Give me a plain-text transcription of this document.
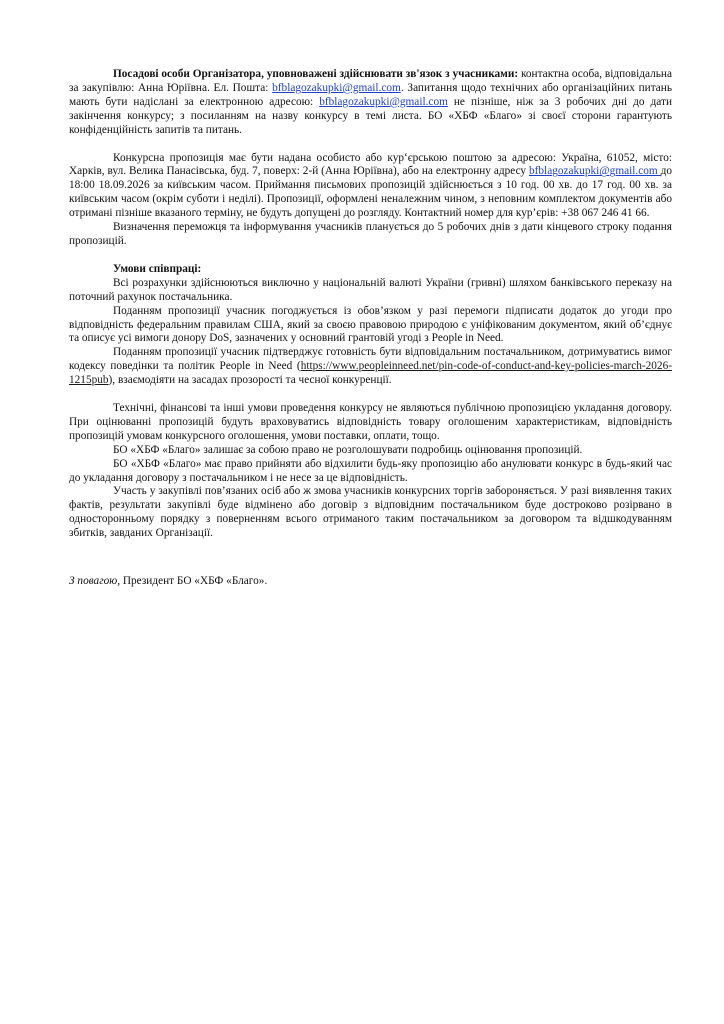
Посадові особи Організатора, уповноважені здійснювати зв'язок з учасниками: контактна особа, відповідальна за закупівлю: Анна Юріївна. Ел. Пошта: bfblagozakupki@gmail.com. Запитання щодо технічних або організаційних питань мають бути надіслані за електронною адресою: bfblagozakupki@gmail.com не пізніше, ніж за 3 робочих дні до дати закінчення конкурсу; з посиланням на назву конкурсу в темі листа. БО «ХБФ «Благо» зі своєї сторони гарантують конфіденційність запитів та питань.

Конкурсна пропозиція має бути надана особисто або кур‘єрською поштою за адресою: Україна, 61052, місто: Харків, вул. Велика Панасівська, буд. 7, поверх: 2-й (Анна Юріївна), або на електронну адресу bfblagozakupki@gmail.com до 18:00 18.09.2026 за київським часом. Приймання письмових пропозицій здійснюється з 10 год. 00 хв. до 17 год. 00 хв. за київським часом (окрім суботи і неділі). Пропозиції, оформлені неналежним чином, з неповним комплектом документів або отримані пізніше вказаного терміну, не будуть допущені до розгляду. Контактний номер для кур’єрів: +38 067 246 41 66.

Визначення переможця та інформування учасників планується до 5 робочих днів з дати кінцевого строку подання пропозицій.

Умови співпраці:

Всі розрахунки здійснюються виключно у національній валюті України (гривні) шляхом банківського переказу на поточний рахунок постачальника.

Поданням пропозиції учасник погоджується із обов’язком у разі перемоги підписати додаток до угоди про відповідність федеральним правилам США, який за своєю правовою природою є уніфікованим документом, який об’єднує та описує усі вимоги донору DoS, зазначених у основний грантовій угоді з People in Need.

Поданням пропозиції учасник підтверджує готовність бути відповідальним постачальником, дотримуватись вимог кодексу поведінки та політик People in Need (https://www.peopleinneed.net/pin-code-of-conduct-and-key-policies-march-2026-1215pub), взаємодіяти на засадах прозорості та чесної конкуренції.

Технічні, фінансові та інші умови проведення конкурсу не являються публічною пропозицією укладання договору. При оцінюванні пропозицій будуть враховуватись відповідність товару оголошеним характеристикам, відповідність пропозицій умовам конкурсного оголошення, умови поставки, оплати, тощо.

БО «ХБФ «Благо» залишає за собою право не розголошувати подробиць оцінювання пропозицій.

БО «ХБФ «Благо» має право прийняти або відхилити будь-яку пропозицію або анулювати конкурс в будь-який час до укладання договору з постачальником і не несе за це відповідність.

Участь у закупівлі пов’язаних осіб або ж змова учасників конкурсних торгів забороняється. У разі виявлення таких фактів, результати закупівлі буде відмінено або договір з відповідним постачальником буде достроково розірвано в односторонньому порядку з поверненням всього отриманого таким постачальником за договором та відшкодуванням збитків, завданих Організації.

З повагою, Президент БО «ХБФ «Благо».
